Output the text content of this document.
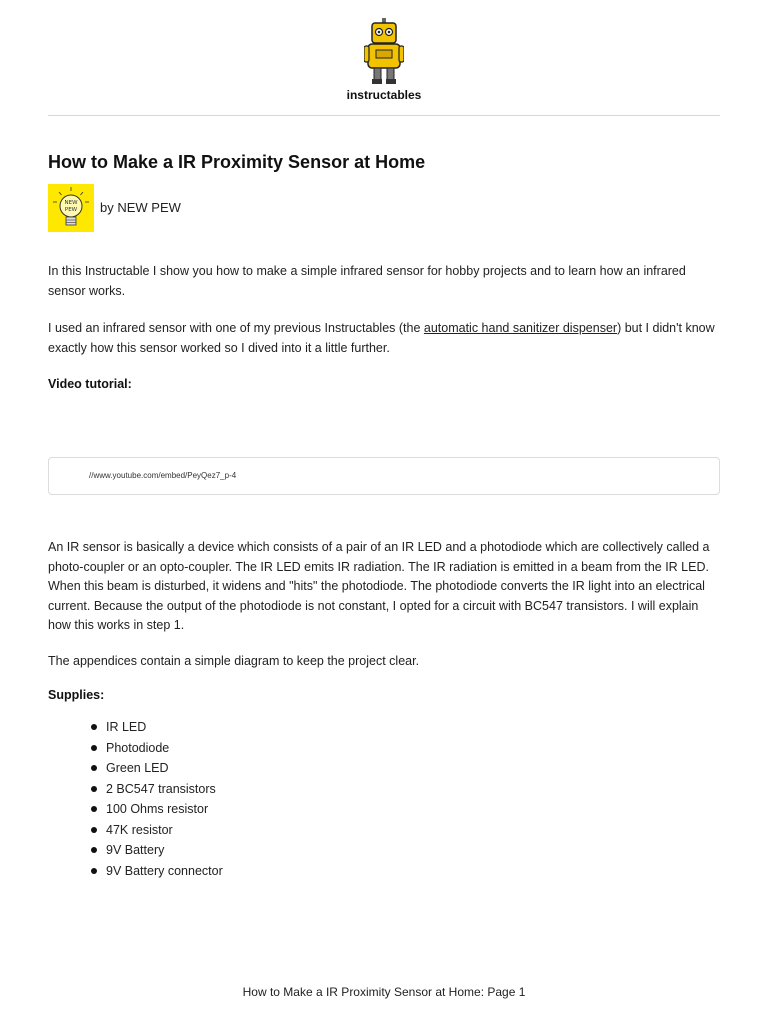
instructables
How to Make a IR Proximity Sensor at Home
NEW
PEW by NEW PEW

In this Instructable I show you how to make a simple infrared sensor for hobby projects and to learn how an infrared sensor works.

I used an infrared sensor with one of my previous Instructables (the automatic hand sanitizer dispenser) but I didn't know exactly how this sensor worked so I dived into it a little further.

Video tutorial:
//www.youtube.com/embed/PeyQez7_p-4

An IR sensor is basically a device which consists of a pair of an IR LED and a photodiode which are collectively called a photo-coupler or an opto-coupler. The IR LED emits IR radiation. The IR radiation is emitted in a beam from the IR LED. When this beam is disturbed, it widens and "hits" the photodiode. The photodiode converts the IR light into an electrical current. Because the output of the photodiode is not constant, I opted for a circuit with BC547 transistors. I will explain how this works in step 1.

The appendices contain a simple diagram to keep the project clear.

Supplies:
IR LED
Photodiode
Green LED
2 BC547 transistors
100 Ohms resistor
47K resistor
9V Battery
9V Battery connector
How to Make a IR Proximity Sensor at Home: Page 1
